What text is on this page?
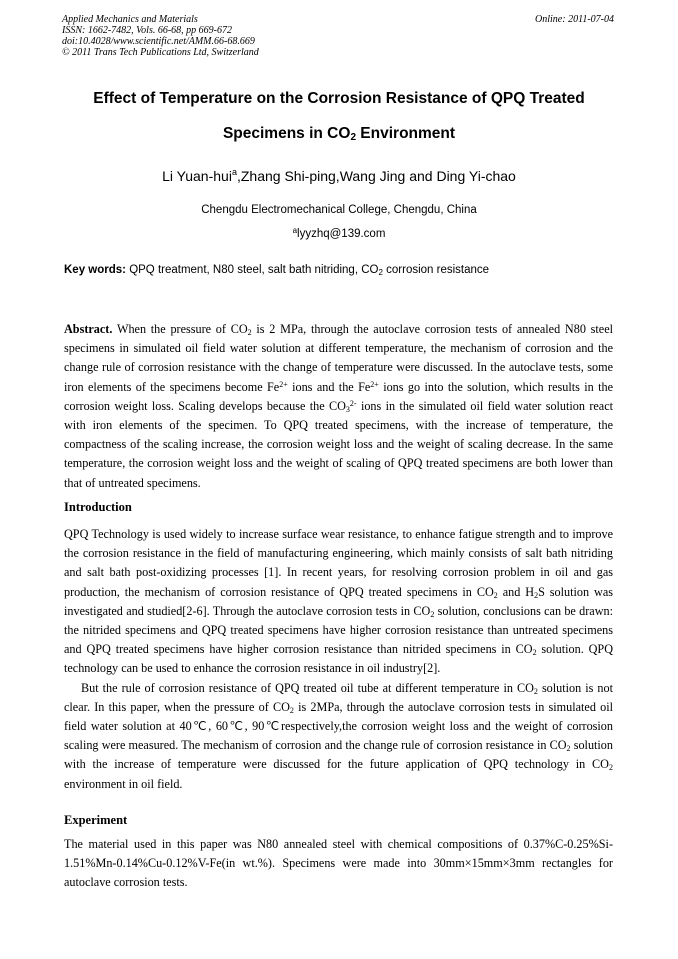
Applied Mechanics and Materials
ISSN: 1662-7482, Vols. 66-68, pp 669-672
doi:10.4028/www.scientific.net/AMM.66-68.669
© 2011 Trans Tech Publications Ltd, Switzerland
Online: 2011-07-04
Effect of Temperature on the Corrosion Resistance of QPQ Treated
Specimens in $CO_2$ Environment
Li Yuan-hui$^a$,Zhang Shi-ping,Wang Jing and Ding Yi-chao
Chengdu Electromechanical College, Chengdu, China
$^a$lyyzhq@139.com
Key words: QPQ treatment, N80 steel, salt bath nitriding, $CO_2$ corrosion resistance

Abstract. When the pressure of $CO_2$ is 2 MPa, through the autoclave corrosion tests of annealed N80 steel specimens in simulated oil field water solution at different temperature, the mechanism of corrosion and the change rule of corrosion resistance with the change of temperature were discussed. In the autoclave tests, some iron elements of the specimens become $Fe^{2+}$ ions and the $Fe^{2+}$ ions go into the solution, which results in the corrosion weight loss. Scaling develops because the $CO_3^{2-}$ ions in the simulated oil field water solution react with iron elements of the specimen. To QPQ treated specimens, with the increase of temperature, the compactness of the scaling increase, the corrosion weight loss and the weight of scaling decrease. In the same temperature, the corrosion weight loss and the weight of scaling of QPQ treated specimens are both lower than that of untreated specimens.

Introduction

QPQ Technology is used widely to increase surface wear resistance, to enhance fatigue strength and to improve the corrosion resistance in the field of manufacturing engineering, which mainly consists of salt bath nitriding and salt bath post-oxidizing processes [1]. In recent years, for resolving corrosion problem in oil and gas production, the mechanism of corrosion resistance of QPQ treated specimens in $CO_2$ and $H_2S$ solution was investigated and studied[2-6]. Through the autoclave corrosion tests in $CO_2$ solution, conclusions can be drawn: the nitrided specimens and QPQ treated specimens have higher corrosion resistance than untreated specimens and QPQ treated specimens have higher corrosion resistance than nitrided specimens in $CO_2$ solution. QPQ technology can be used to enhance the corrosion resistance in oil industry[2].

But the rule of corrosion resistance of QPQ treated oil tube at different temperature in $CO_2$ solution is not clear. In this paper, when the pressure of $CO_2$ is 2MPa, through the autoclave corrosion tests in simulated oil field water solution at 40℃, 60℃, 90℃respectively,the corrosion weight loss and the weight of corrosion scaling were measured. The mechanism of corrosion and the change rule of corrosion resistance in $CO_2$ solution with the increase of temperature were discussed for the future application of QPQ technology in $CO_2$ environment in oil field.

Experiment

The material used in this paper was N80 annealed steel with chemical compositions of 0.37%C-0.25%Si-1.51%Mn-0.14%Cu-0.12%V-Fe(in wt.%). Specimens were made into 30mm×15mm×3mm rectangles for autoclave corrosion tests.
